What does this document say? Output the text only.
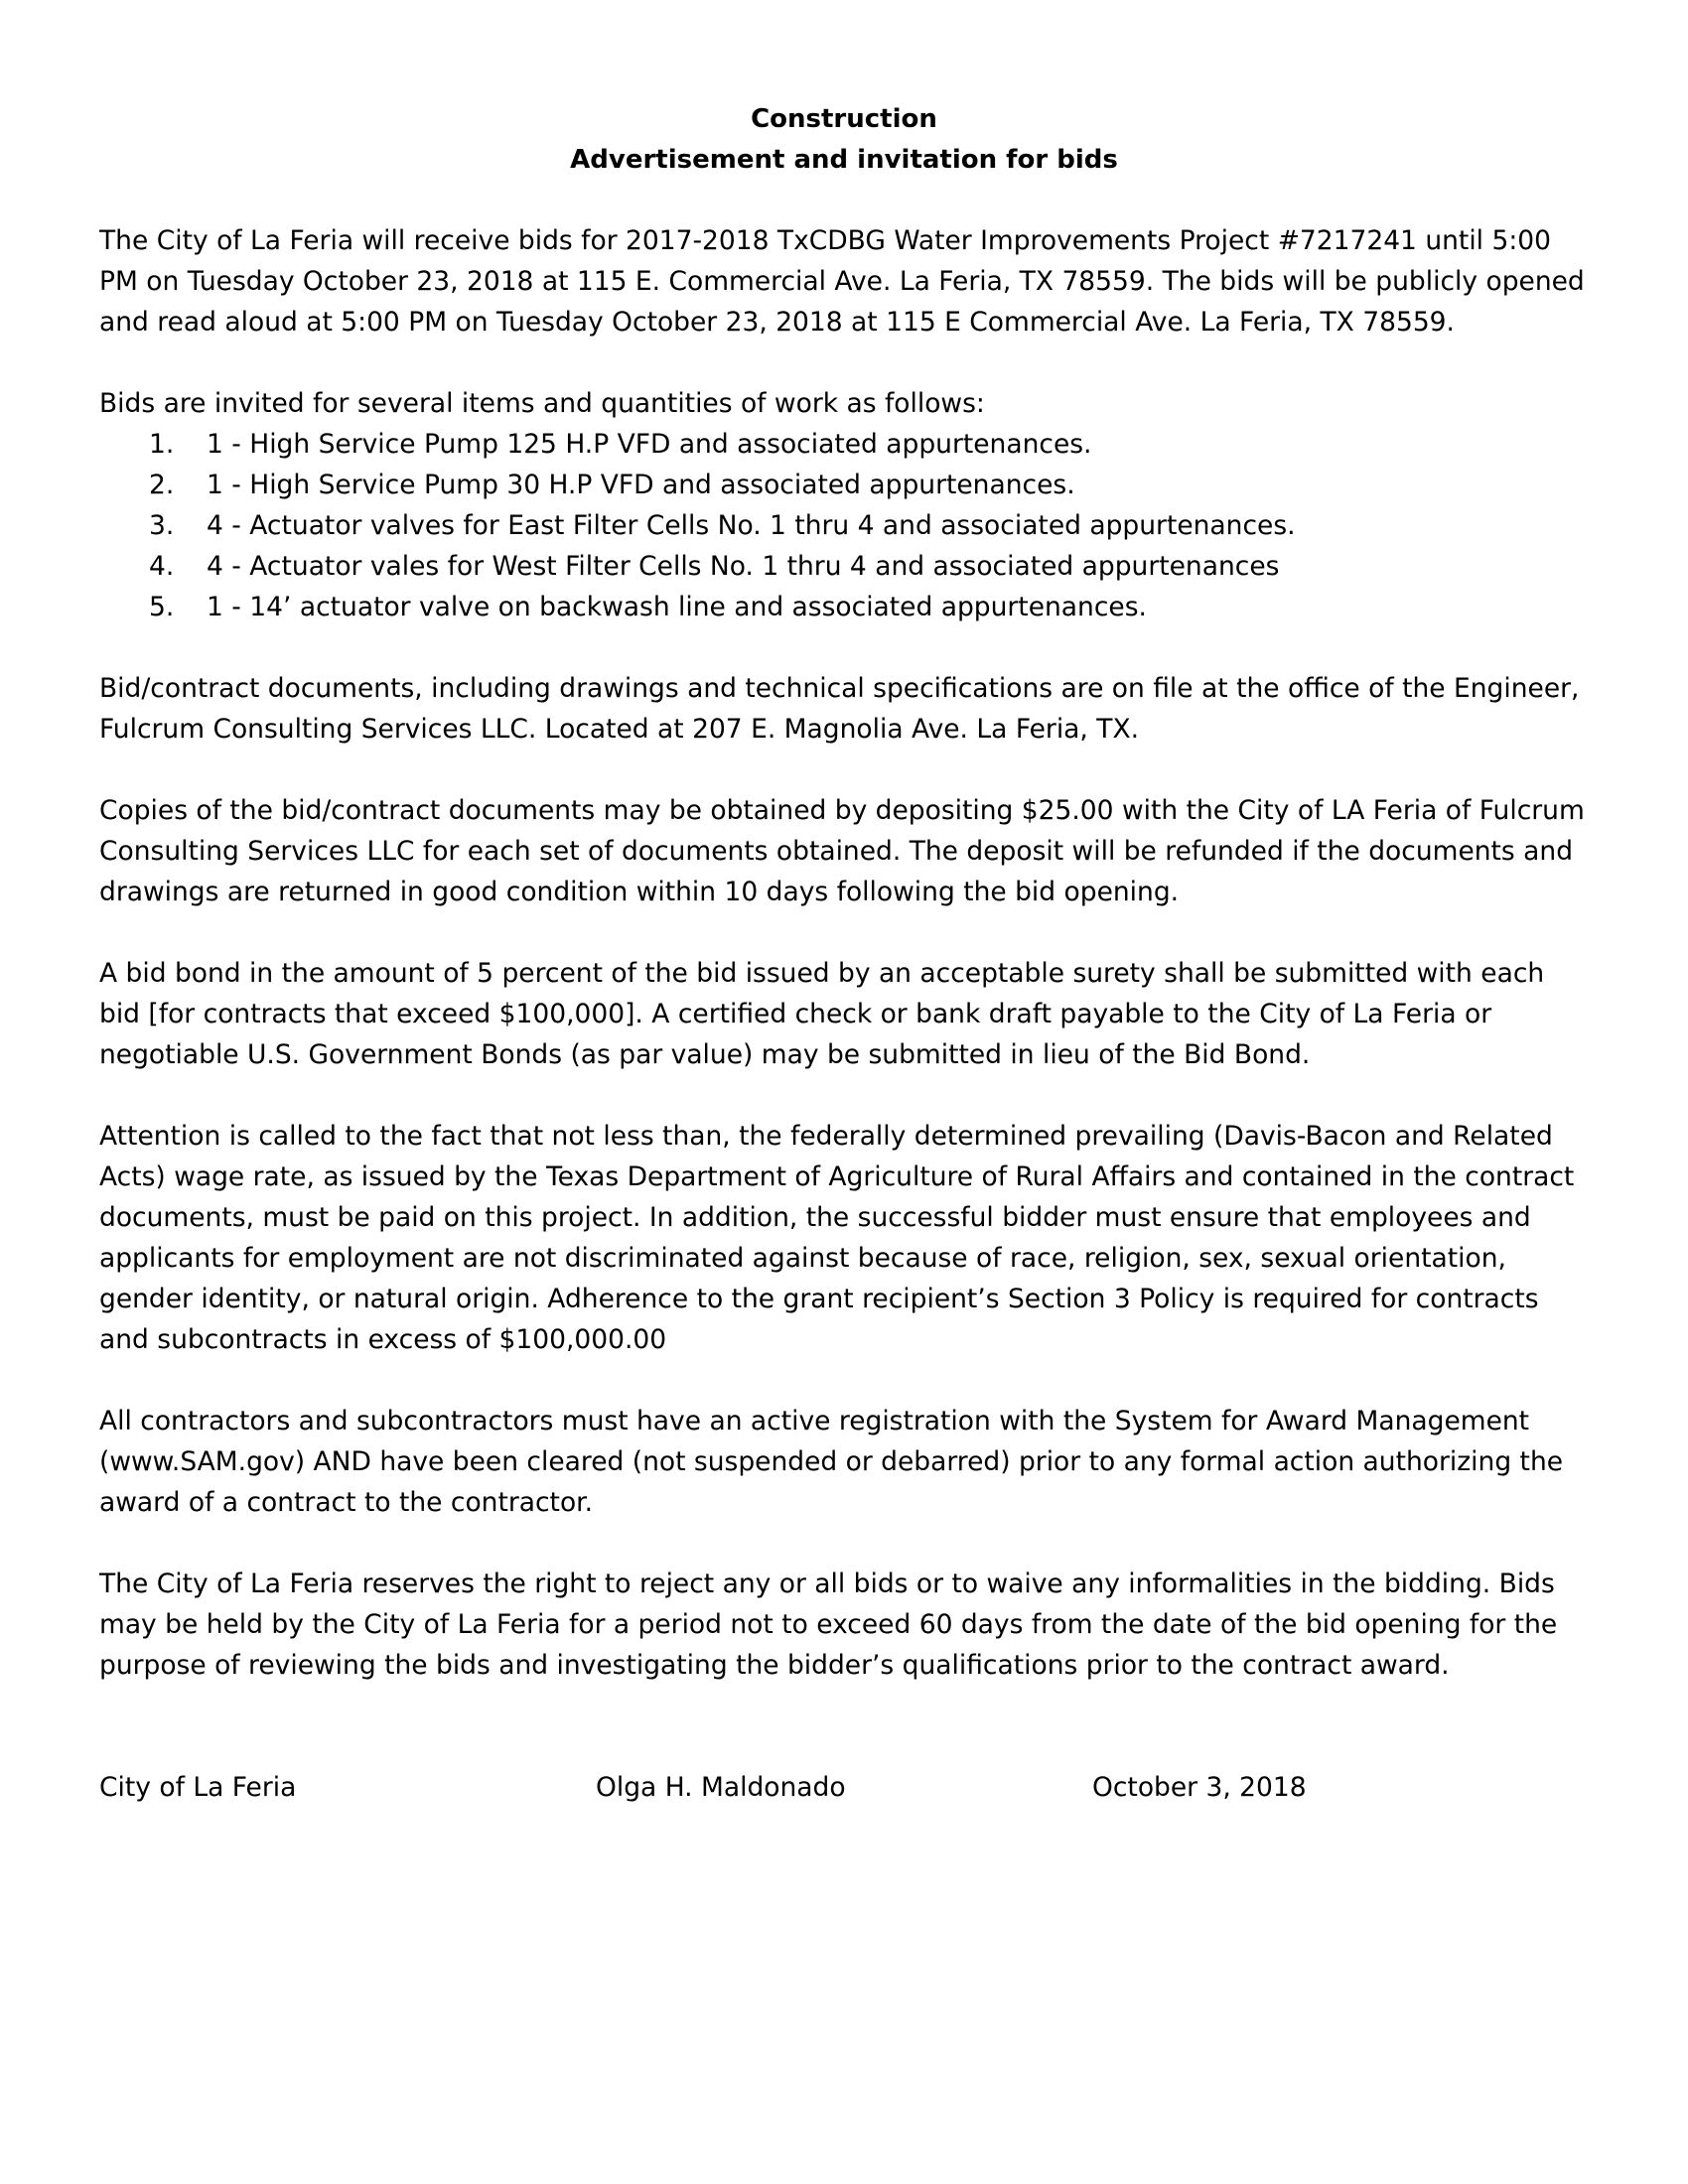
Construction

Advertisement and invitation for bids

The City of La Feria will receive bids for 2017-2018 TxCDBG Water Improvements Project #7217241 until 5:00 PM on Tuesday October 23, 2018 at 115 E. Commercial Ave. La Feria, TX 78559. The bids will be publicly opened and read aloud at 5:00 PM on Tuesday October 23, 2018 at 115 E Commercial Ave. La Feria, TX 78559.

Bids are invited for several items and quantities of work as follows:

1.	1 - High Service Pump 125 H.P VFD and associated appurtenances.
2.	1 - High Service Pump 30 H.P VFD and associated appurtenances.
3.	4 - Actuator valves for East Filter Cells No. 1 thru 4 and associated appurtenances.
4.	4 - Actuator vales for West Filter Cells No. 1 thru 4 and associated appurtenances
5.	1 - 14’ actuator valve on backwash line and associated appurtenances.

Bid/contract documents, including drawings and technical specifications are on file at the office of the Engineer, Fulcrum Consulting Services LLC. Located at 207 E. Magnolia Ave. La Feria, TX.

Copies of the bid/contract documents may be obtained by depositing $25.00 with the City of LA Feria of Fulcrum Consulting Services LLC for each set of documents obtained. The deposit will be refunded if the documents and drawings are returned in good condition within 10 days following the bid opening.

A bid bond in the amount of 5 percent of the bid issued by an acceptable surety shall be submitted with each bid [for contracts that exceed $100,000]. A certified check or bank draft payable to the City of La Feria or negotiable U.S. Government Bonds (as par value) may be submitted in lieu of the Bid Bond.

Attention is called to the fact that not less than, the federally determined prevailing (Davis-Bacon and Related Acts) wage rate, as issued by the Texas Department of Agriculture of Rural Affairs and contained in the contract documents, must be paid on this project. In addition, the successful bidder must ensure that employees and applicants for employment are not discriminated against because of race, religion, sex, sexual orientation, gender identity, or natural origin. Adherence to the grant recipient’s Section 3 Policy is required for contracts and subcontracts in excess of $100,000.00

All contractors and subcontractors must have an active registration with the System for Award Management (www.SAM.gov) AND have been cleared (not suspended or debarred) prior to any formal action authorizing the award of a contract to the contractor.

The City of La Feria reserves the right to reject any or all bids or to waive any informalities in the bidding. Bids may be held by the City of La Feria for a period not to exceed 60 days from the date of the bid opening for the purpose of reviewing the bids and investigating the bidder’s qualifications prior to the contract award.

City of La Feria	Olga H. Maldonado	October 3, 2018
